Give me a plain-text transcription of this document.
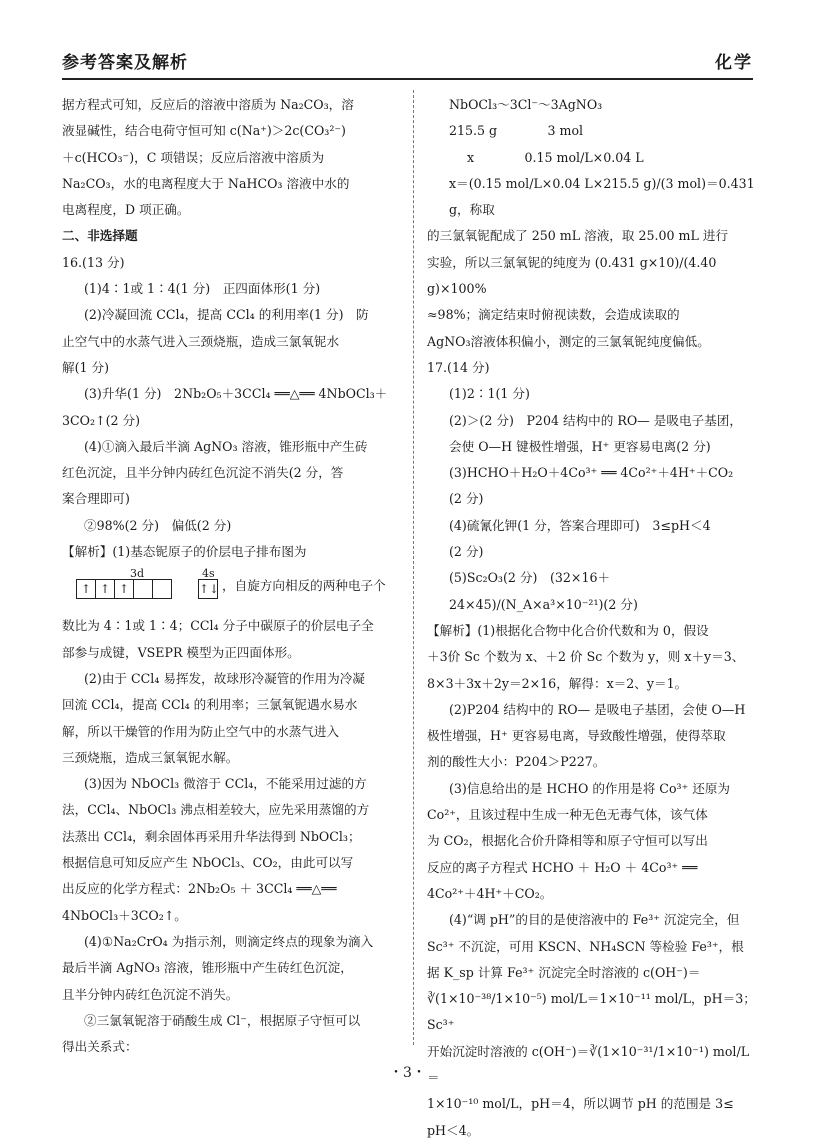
参考答案及解析	化学

据方程式可知，反应后的溶液中溶质为 Na₂CO₃，溶

液显碱性，结合电荷守恒可知 c(Na⁺)＞2c(CO₃²⁻)

＋c(HCO₃⁻)，C 项错误；反应后溶液中溶质为

Na₂CO₃，水的电离程度大于 NaHCO₃ 溶液中水的

电离程度，D 项正确。

二、非选择题

16.(13 分)

(1)4∶1或 1∶4(1 分)　正四面体形(1 分)

(2)冷凝回流 CCl₄，提高 CCl₄ 的利用率(1 分)　防

止空气中的水蒸气进入三颈烧瓶，造成三氯氧铌水

解(1 分)

(3)升华(1 分)　2Nb₂O₅＋3CCl₄ ══△══ 4NbOCl₃＋

3CO₂↑(2 分)

(4)①滴入最后半滴 AgNO₃ 溶液，锥形瓶中产生砖

红色沉淀，且半分钟内砖红色沉淀不消失(2 分，答

案合理即可)

②98%(2 分)　偏低(2 分)

【解析】(1)基态铌原子的价层电子排布图为

3d	4s
↑ ↑ ↑	↑↓ ，自旋方向相反的两种电子个

数比为 4∶1或 1∶4；CCl₄ 分子中碳原子的价层电子全

部参与成键，VSEPR 模型为正四面体形。

(2)由于 CCl₄ 易挥发，故球形冷凝管的作用为冷凝

回流 CCl₄，提高 CCl₄ 的利用率；三氯氧铌遇水易水

解，所以干燥管的作用为防止空气中的水蒸气进入

三颈烧瓶，造成三氯氧铌水解。

(3)因为 NbOCl₃ 微溶于 CCl₄，不能采用过滤的方

法，CCl₄、NbOCl₃ 沸点相差较大，应先采用蒸馏的方

法蒸出 CCl₄，剩余固体再采用升华法得到 NbOCl₃；

根据信息可知反应产生 NbOCl₃、CO₂，由此可以写

出反应的化学方程式：2Nb₂O₅ ＋ 3CCl₄ ══△══

4NbOCl₃＋3CO₂↑。

(4)①Na₂CrO₄ 为指示剂，则滴定终点的现象为滴入

最后半滴 AgNO₃ 溶液，锥形瓶中产生砖红色沉淀，

且半分钟内砖红色沉淀不消失。

②三氯氧铌溶于硝酸生成 Cl⁻，根据原子守恒可以

得出关系式：

NbOCl₃～3Cl⁻～3AgNO₃

215.5 g　　　　3 mol

x　　　　0.15 mol/L×0.04 L

x＝(0.15 mol/L×0.04 L×215.5 g)/(3 mol)＝0.431 g，称取

的三氯氧铌配成了 250 mL 溶液，取 25.00 mL 进行

实验，所以三氯氧铌的纯度为 (0.431 g×10)/(4.40 g)×100%

≈98%；滴定结束时俯视读数，会造成读取的

AgNO₃溶液体积偏小，测定的三氯氧铌纯度偏低。

17.(14 分)

(1)2∶1(1 分)

(2)＞(2 分)　P204 结构中的 RO— 是吸电子基团，

会使 O—H 键极性增强，H⁺ 更容易电离(2 分)

(3)HCHO＋H₂O＋4Co³⁺ ══ 4Co²⁺＋4H⁺＋CO₂

(2 分)

(4)硫氰化钾(1 分，答案合理即可)　3≤pH＜4

(2 分)

(5)Sc₂O₃(2 分)　(32×16＋24×45)/(N_A×a³×10⁻²¹)(2 分)

【解析】(1)根据化合物中化合价代数和为 0，假设

＋3价 Sc 个数为 x、＋2 价 Sc 个数为 y，则 x＋y＝3、

8×3＋3x＋2y＝2×16，解得：x＝2、y＝1。

(2)P204 结构中的 RO— 是吸电子基团，会使 O—H

极性增强，H⁺ 更容易电离，导致酸性增强，使得萃取

剂的酸性大小：P204＞P227。

(3)信息给出的是 HCHO 的作用是将 Co³⁺ 还原为

Co²⁺，且该过程中生成一种无色无毒气体，该气体

为 CO₂，根据化合价升降相等和原子守恒可以写出

反应的离子方程式 HCHO ＋ H₂O ＋ 4Co³⁺ ══

4Co²⁺＋4H⁺＋CO₂。

(4)“调 pH”的目的是使溶液中的 Fe³⁺ 沉淀完全，但

Sc³⁺ 不沉淀，可用 KSCN、NH₄SCN 等检验 Fe³⁺，根

据 K_sp 计算 Fe³⁺ 沉淀完全时溶液的 c(OH⁻)＝

∛(1×10⁻³⁸/1×10⁻⁵) mol/L＝1×10⁻¹¹ mol/L，pH＝3；Sc³⁺

开始沉淀时溶液的 c(OH⁻)＝∛(1×10⁻³¹/1×10⁻¹) mol/L＝

1×10⁻¹⁰ mol/L，pH＝4，所以调节 pH 的范围是 3≤

pH＜4。

・3・
